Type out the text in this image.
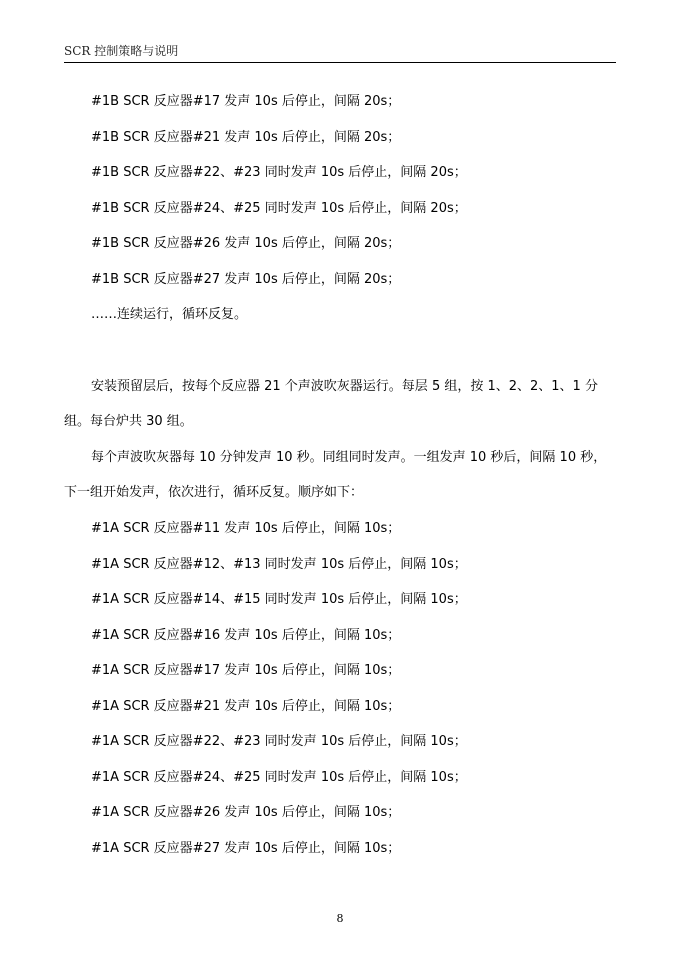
SCR 控制策略与说明
#1B SCR 反应器#17 发声 10s 后停止，间隔 20s；
#1B SCR 反应器#21 发声 10s 后停止，间隔 20s；
#1B SCR 反应器#22、#23 同时发声 10s 后停止，间隔 20s；
#1B SCR 反应器#24、#25 同时发声 10s 后停止，间隔 20s；
#1B SCR 反应器#26 发声 10s 后停止，间隔 20s；
#1B SCR 反应器#27 发声 10s 后停止，间隔 20s；
……连续运行，循环反复。
安装预留层后，按每个反应器 21 个声波吹灰器运行。每层 5 组，按 1、2、2、1、1 分
组。每台炉共 30 组。
每个声波吹灰器每 10 分钟发声 10 秒。同组同时发声。一组发声 10 秒后，间隔 10 秒，
下一组开始发声，依次进行，循环反复。顺序如下：
#1A SCR 反应器#11 发声 10s 后停止，间隔 10s；
#1A SCR 反应器#12、#13 同时发声 10s 后停止，间隔 10s；
#1A SCR 反应器#14、#15 同时发声 10s 后停止，间隔 10s；
#1A SCR 反应器#16 发声 10s 后停止，间隔 10s；
#1A SCR 反应器#17 发声 10s 后停止，间隔 10s；
#1A SCR 反应器#21 发声 10s 后停止，间隔 10s；
#1A SCR 反应器#22、#23 同时发声 10s 后停止，间隔 10s；
#1A SCR 反应器#24、#25 同时发声 10s 后停止，间隔 10s；
#1A SCR 反应器#26 发声 10s 后停止，间隔 10s；
#1A SCR 反应器#27 发声 10s 后停止，间隔 10s；
8
